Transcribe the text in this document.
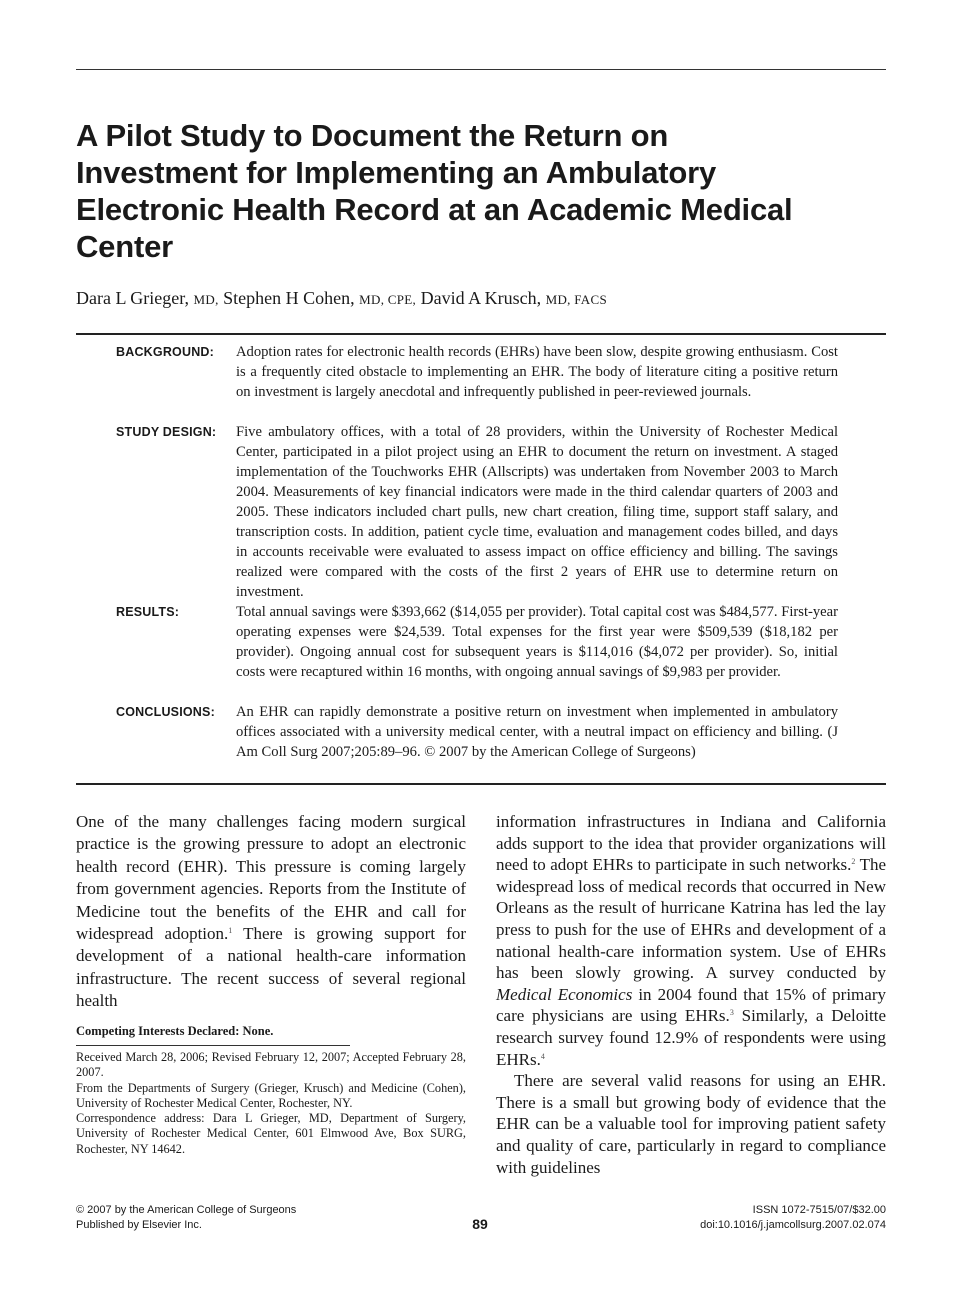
A Pilot Study to Document the Return on Investment for Implementing an Ambulatory Electronic Health Record at an Academic Medical Center
Dara L Grieger, MD, Stephen H Cohen, MD, CPE, David A Krusch, MD, FACS
BACKGROUND: Adoption rates for electronic health records (EHRs) have been slow, despite growing enthusiasm. Cost is a frequently cited obstacle to implementing an EHR. The body of literature citing a positive return on investment is largely anecdotal and infrequently published in peer-reviewed journals.

STUDY DESIGN: Five ambulatory offices, with a total of 28 providers, within the University of Rochester Medical Center, participated in a pilot project using an EHR to document the return on investment. A staged implementation of the Touchworks EHR (Allscripts) was undertaken from November 2003 to March 2004. Measurements of key financial indicators were made in the third calendar quarters of 2003 and 2005. These indicators included chart pulls, new chart creation, filing time, support staff salary, and transcription costs. In addition, patient cycle time, evaluation and management codes billed, and days in accounts receivable were evaluated to assess impact on office efficiency and billing. The savings realized were compared with the costs of the first 2 years of EHR use to determine return on investment.

RESULTS:	Total annual savings were $393,662 ($14,055 per provider). Total capital cost was $484,577. First-year operating expenses were $24,539. Total expenses for the first year were $509,539 ($18,182 per provider). Ongoing annual cost for subsequent years is $114,016 ($4,072 per provider). So, initial costs were recaptured within 16 months, with ongoing annual savings of $9,983 per provider.

CONCLUSIONS: An EHR can rapidly demonstrate a positive return on investment when implemented in ambulatory offices associated with a university medical center, with a neutral impact on efficiency and billing. (J Am Coll Surg 2007;205:89–96. © 2007 by the American College of Surgeons)

One of the many challenges facing modern surgical practice is the growing pressure to adopt an electronic health record (EHR). This pressure is coming largely from government agencies. Reports from the Institute of Medicine tout the benefits of the EHR and call for widespread adoption.$^1$ There is growing support for development of a national health-care information infrastructure. The recent success of several regional health

information infrastructures in Indiana and California adds support to the idea that provider organizations will need to adopt EHRs to participate in such networks.$^2$ The widespread loss of medical records that occurred in New Orleans as the result of hurricane Katrina has led the lay press to push for the use of EHRs and development of a national health-care information system. Use of EHRs has been slowly growing. A survey conducted by Medical Economics in 2004 found that 15% of primary care physicians are using EHRs.$^3$ Similarly, a Deloitte research survey found 12.9% of respondents were using EHRs.$^4$

There are several valid reasons for using an EHR. There is a small but growing body of evidence that the EHR can be a valuable tool for improving patient safety and quality of care, particularly in regard to compliance with guidelines

Competing Interests Declared: None.

Received March 28, 2006; Revised February 12, 2007; Accepted February 28, 2007.

From the Departments of Surgery (Grieger, Krusch) and Medicine (Cohen), University of Rochester Medical Center, Rochester, NY.

Correspondence address: Dara L Grieger, MD, Department of Surgery, University of Rochester Medical Center, 601 Elmwood Ave, Box SURG, Rochester, NY 14642.

© 2007 by the American College of Surgeons
Published by Elsevier Inc.	89
ISSN 1072-7515/07/$32.00
doi:10.1016/j.jamcollsurg.2007.02.074
